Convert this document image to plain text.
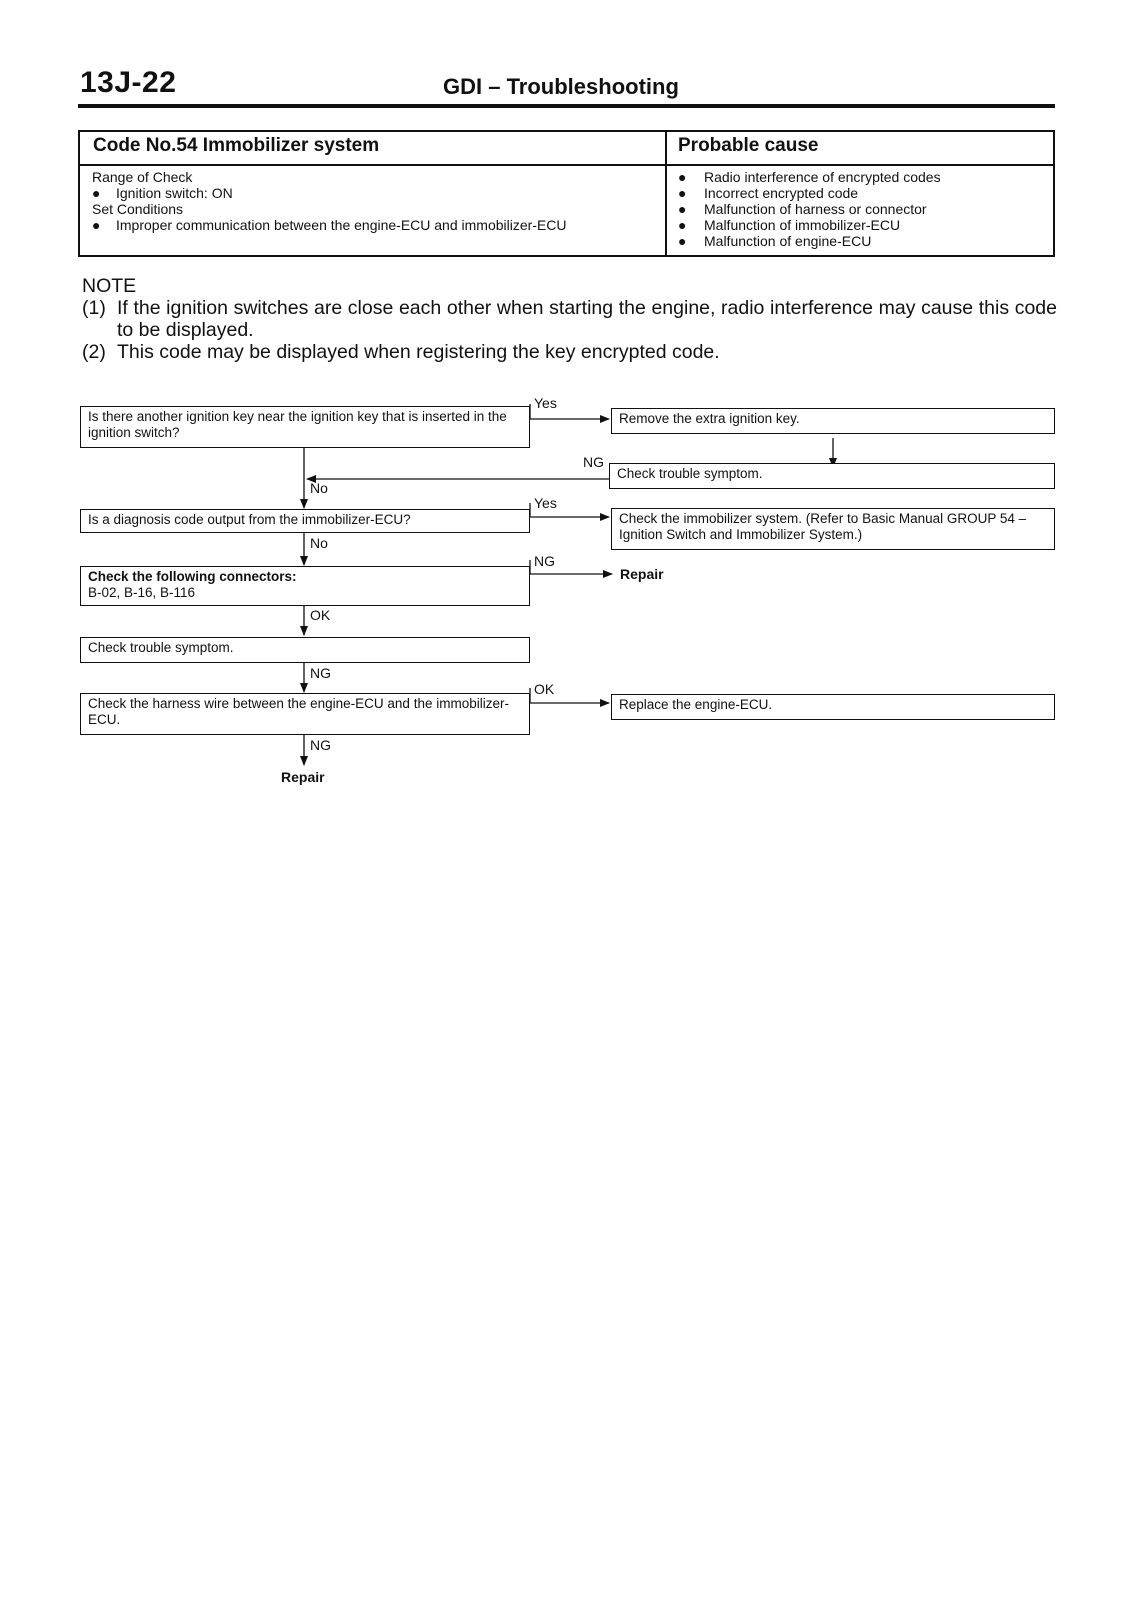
13J-22	GDI – Troubleshooting
Code No.54 Immobilizer system	Probable cause
Range of Check
● Ignition switch: ON
Set Conditions
● Improper communication between the engine-ECU and immobilizer-ECU
● Radio interference of encrypted codes
● Incorrect encrypted code
● Malfunction of harness or connector
● Malfunction of immobilizer-ECU
● Malfunction of engine-ECU
NOTE
(1) If the ignition switches are close each other when starting the engine, radio interference may cause this code to be displayed.
(2) This code may be displayed when registering the key encrypted code.
Is there another ignition key near the ignition key that is inserted in the ignition switch?
Yes
Remove the extra ignition key.
NG
Check trouble symptom.
No
Is a diagnosis code output from the immobilizer-ECU?
Yes
Check the immobilizer system. (Refer to Basic Manual GROUP 54 – Ignition Switch and Immobilizer System.)
No
Check the following connectors:
B-02, B-16, B-116
NG
Repair
OK
Check trouble symptom.
NG
Check the harness wire between the engine-ECU and the immobilizer-ECU.
OK
Replace the engine-ECU.
NG
Repair
